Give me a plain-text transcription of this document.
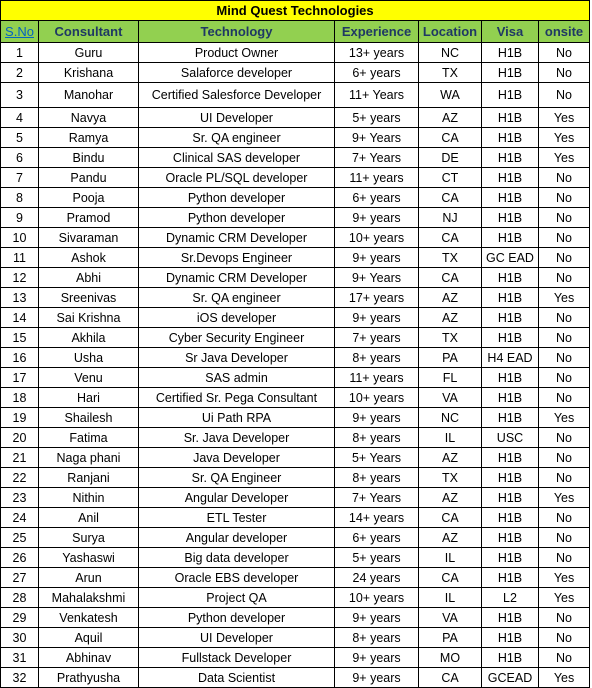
Mind Quest Technologies						
S.No	Consultant	Technology	Experience	Location	Visa	onsite
1	Guru	Product Owner	13+ years	NC	H1B	No
2	Krishana	Salaforce developer	6+ years	TX	H1B	No
3	Manohar	Certified Salesforce Developer	11+ Years	WA	H1B	No
4	Navya	UI Developer	5+ years	AZ	H1B	Yes
5	Ramya	Sr. QA engineer	9+ Years	CA	H1B	Yes
6	Bindu	Clinical SAS developer	7+ Years	DE	H1B	Yes
7	Pandu	Oracle PL/SQL developer	11+ years	CT	H1B	No
8	Pooja	Python developer	6+ years	CA	H1B	No
9	Pramod	Python developer	9+ years	NJ	H1B	No
10	Sivaraman	Dynamic CRM Developer	10+ years	CA	H1B	No
11	Ashok	Sr.Devops Engineer	9+ years	TX	GC EAD	No
12	Abhi	Dynamic CRM Developer	9+ Years	CA	H1B	No
13	Sreenivas	Sr. QA engineer	17+ years	AZ	H1B	Yes
14	Sai Krishna	iOS developer	9+ years	AZ	H1B	No
15	Akhila	Cyber Security Engineer	7+ years	TX	H1B	No
16	Usha	Sr Java Developer	8+ years	PA	H4 EAD	No
17	Venu	SAS admin	11+ years	FL	H1B	No
18	Hari	Certified Sr. Pega Consultant	10+ years	VA	H1B	No
19	Shailesh	Ui Path RPA	9+ years	NC	H1B	Yes
20	Fatima	Sr. Java Developer	8+ years	IL	USC	No
21	Naga phani	Java Developer	5+ Years	AZ	H1B	No
22	Ranjani	Sr. QA Engineer	8+ years	TX	H1B	No
23	Nithin	Angular Developer	7+ Years	AZ	H1B	Yes
24	Anil	ETL Tester	14+ years	CA	H1B	No
25	Surya	Angular developer	6+ years	AZ	H1B	No
26	Yashaswi	Big data developer	5+ years	IL	H1B	No
27	Arun	Oracle EBS developer	24 years	CA	H1B	Yes
28	Mahalakshmi	Project QA	10+ years	IL	L2	Yes
29	Venkatesh	Python developer	9+ years	VA	H1B	No
30	Aquil	UI Developer	8+ years	PA	H1B	No
31	Abhinav	Fullstack Developer	9+ years	MO	H1B	No
32	Prathyusha	Data Scientist	9+ years	CA	GCEAD	Yes
